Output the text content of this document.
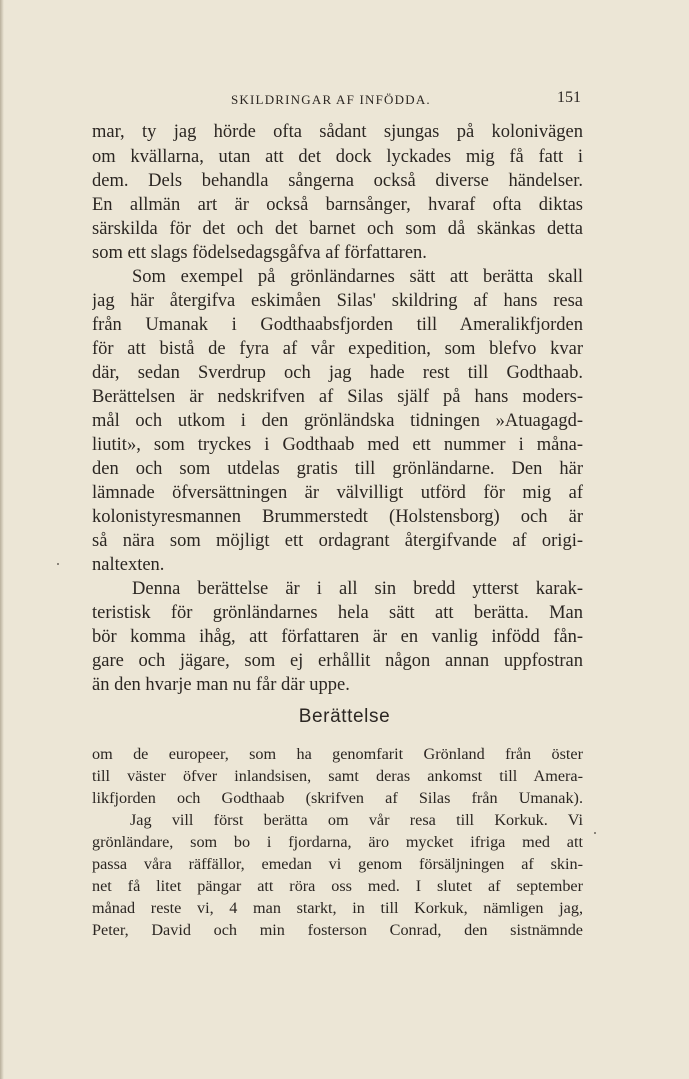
SKILDRINGAR AF INFÖDDA.	151
mar, ty jag hörde ofta sådant sjungas på kolonivägen
om kvällarna, utan att det dock lyckades mig få fatt i
dem. Dels behandla sångerna också diverse händelser.
En allmän art är också barnsånger, hvaraf ofta diktas
särskilda för det och det barnet och som då skänkas detta
som ett slags födelsedagsgåfva af författaren.
Som exempel på grönländarnes sätt att berätta skall
jag här återgifva eskimåen Silas' skildring af hans resa
från Umanak i Godthaabsfjorden till Ameralikfjorden
för att bistå de fyra af vår expedition, som blefvo kvar
där, sedan Sverdrup och jag hade rest till Godthaab.
Berättelsen är nedskrifven af Silas själf på hans moders-
mål och utkom i den grönländska tidningen »Atuagagd-
liutit», som tryckes i Godthaab med ett nummer i måna-
den och som utdelas gratis till grönländarne. Den här
lämnade öfversättningen är välvilligt utförd för mig af
kolonistyresmannen Brummerstedt (Holstensborg) och är
så nära som möjligt ett ordagrant återgifvande af origi-
naltexten.
Denna berättelse är i all sin bredd ytterst karak-
teristisk för grönländarnes hela sätt att berätta. Man
bör komma ihåg, att författaren är en vanlig infödd fån-
gare och jägare, som ej erhållit någon annan uppfostran
än den hvarje man nu får där uppe.
Berättelse
om de europeer, som ha genomfarit Grönland från öster
till väster öfver inlandsisen, samt deras ankomst till Amera-
likfjorden och Godthaab (skrifven af Silas från Umanak).
Jag vill först berätta om vår resa till Korkuk. Vi
grönländare, som bo i fjordarna, äro mycket ifriga med att
passa våra räffällor, emedan vi genom försäljningen af skin-
net få litet pängar att röra oss med. I slutet af september
månad reste vi, 4 man starkt, in till Korkuk, nämligen jag,
Peter, David och min fosterson Conrad, den sistnämnde
